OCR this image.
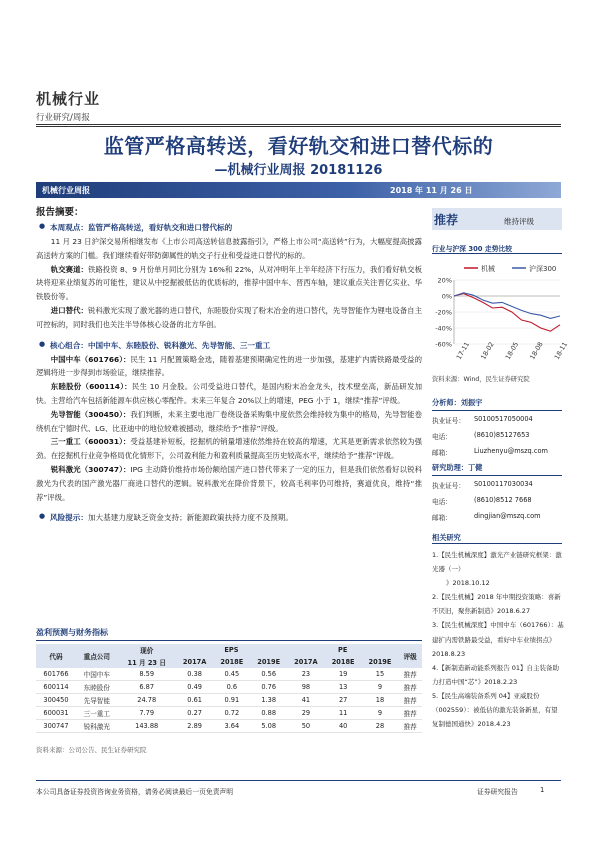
机械行业
行业研究/周报
监管严格高转送，看好轨交和进口替代标的
—机械行业周报 20181126
机械行业周报	2018 年 11 月 26 日
报告摘要：
● 本周观点：监管严格高转送，看好轨交和进口替代标的
11 月 23 日沪深交易所相继发布《上市公司高送转信息披露指引》，严格上市公司“高送转”行为，大幅度提高披露高送转方案的门槛。我们继续看好带防御属性的轨交子行业和受益进口替代的标的。
轨交赛道：铁路投资 8、9 月份单月同比分别为 16%和 22%，从对冲明年上半年经济下行压力，我们看好轨交板块将迎来业绩复苏的可能性，建议从中挖掘被低估的优质标的，推荐中国中车、晋西车轴，建议重点关注晋亿实业、华铁股份等。
进口替代：锐科激光实现了激光器的进口替代，东睦股份实现了粉末冶金的进口替代，先导智能作为锂电设备自主可控标的，同时我们也关注半导体核心设备的北方华创。
● 核心组合：中国中车、东睦股份、锐科激光、先导智能、三一重工
中国中车（601766）：民生 11 月配置策略金选，随着基建预期确定性的进一步加强，基建扩内需铁路最受益的逻辑将进一步得到市场验证，继续推荐。
东睦股份（600114）：民生 10 月金股。公司受益进口替代，是国内粉末冶金龙头，技术壁垒高，新品研发加快。主营给汽车包括新能源车供应核心零配件。未来三年复合 20%以上的增速，PEG 小于 1，继续“推荐”评级。
先导智能（300450）：我们判断，未来主要电池厂卷绕设备采购集中度依然会维持较为集中的格局，先导智能卷绕机在宁德时代、LG、比亚迪中的地位较难被撼动，继续给予“推荐”评级。
三一重工（600031）：受益基建补短板，挖掘机的销量增速依然维持在较高的增速，尤其是更新需求依然较为强劲。在挖掘机行业竞争格局优化情形下，公司盈利能力和盈利质量提高至历史较高水平，继续给予“推荐”评级。
锐科激光（300747）：IPG 主动降价维持市场份额给国产进口替代带来了一定的压力，但是我们依然看好以锐科激光为代表的国产激光器厂商进口替代的逻辑。锐科激光在降价背景下，较高毛利率仍可维持，赛道优良，维持“推荐”评级。
● 风险提示：加大基建力度缺乏资金支持；新能源政策扶持力度不及预期。
盈利预测与财务指标
代码	重点公司	现价	EPS			PE			评级
		11 月 23 日	2017A	2018E	2019E	2017A	2018E	2019E	
601766	中国中车	8.59	0.38	0.45	0.56	23	19	15	推荐
600114	东睦股份	6.87	0.49	0.6	0.76	98	13	9	推荐
300450	先导智能	24.78	0.61	0.91	1.38	41	27	18	推荐
600031	三一重工	7.79	0.27	0.72	0.88	29	11	9	推荐
300747	锐科激光	143.88	2.89	3.64	5.08	50	40	28	推荐
资料来源：公司公告、民生证券研究院
推荐	维持评级
行业与沪深 300 走势比较
机械	沪深300
20%
0%
-20%
-40%
-60% 17-11 18-02 18-05 18-08 18-11
资料来源：Wind，民生证券研究院
分析师：刘振宇
执业证号：	S0100517050004
电话：	(8610)85127653
邮箱：	Liuzhenyu@mszq.com
研究助理：丁健
执业证号：	S0100117030034
电话：	(8610)8512 7668
邮箱：	dingjian@mszq.com
相关研究
1.【民生机械深度】激光产业链研究框架：激光器（一）
》2018.10.12
2.【民生机械】2018 年中期投资策略：喜新不厌旧，聚焦新制造》2018.6.27
3.【民生机械深度】中国中车（601766）：基建扩内需铁路最受益，看好中车业绩拐点》2018.8.23
4.【新制造新动能系列报告 01】自主装备助力打造中国“芯”》2018.2.23
5.【民生高端装备系列 04】亚威股份（002559）：被低估的激光装备新星，有望复制德国通快》2018.4.23
本公司具备证券投资咨询业务资格，请务必阅读最后一页免责声明	证券研究报告	1
